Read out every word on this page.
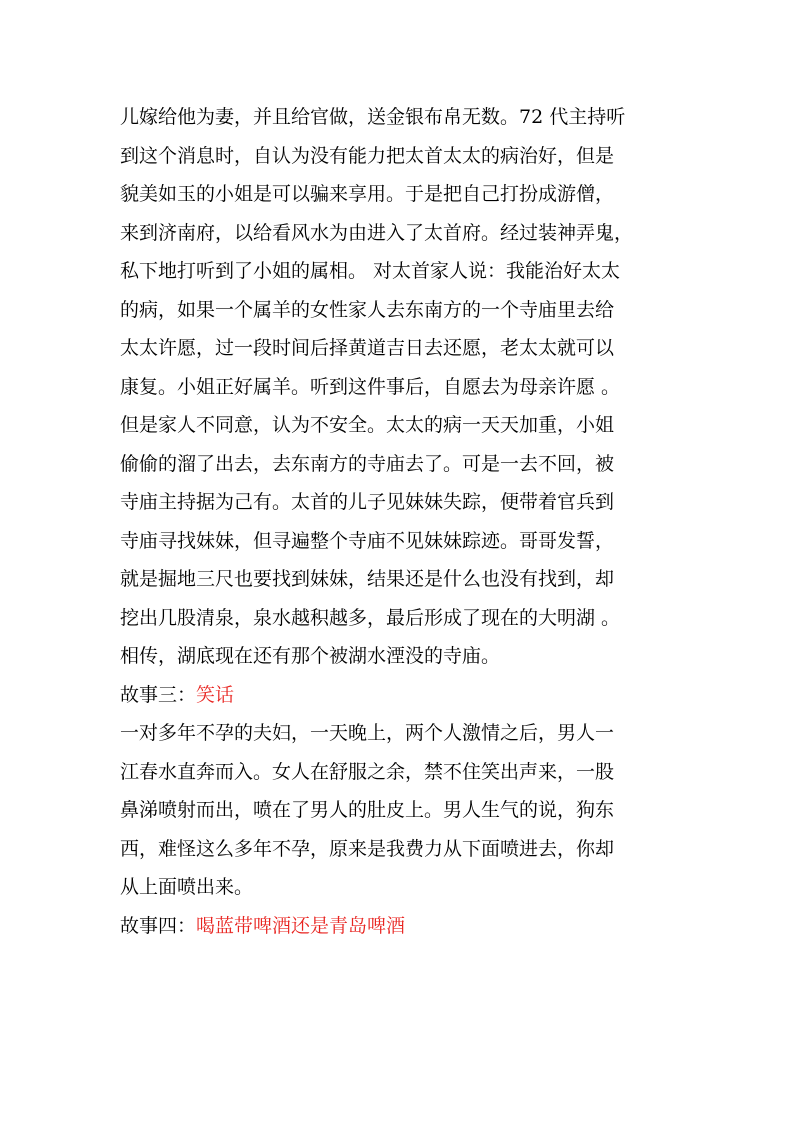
儿嫁给他为妻，并且给官做，送金银布帛无数。72 代主持听
到这个消息时，自认为没有能力把太首太太的病治好，但是
貌美如玉的小姐是可以骗来享用。于是把自己打扮成游僧，
来到济南府，以给看风水为由进入了太首府。经过装神弄鬼，
私下地打听到了小姐的属相。 对太首家人说：我能治好太太
的病，如果一个属羊的女性家人去东南方的一个寺庙里去给
太太许愿，过一段时间后择黄道吉日去还愿，老太太就可以
康复。小姐正好属羊。听到这件事后，自愿去为母亲许愿 。
但是家人不同意，认为不安全。太太的病一天天加重，小姐
偷偷的溜了出去，去东南方的寺庙去了。可是一去不回，被
寺庙主持据为己有。太首的儿子见妹妹失踪，便带着官兵到
寺庙寻找妹妹，但寻遍整个寺庙不见妹妹踪迹。哥哥发誓，
就是掘地三尺也要找到妹妹，结果还是什么也没有找到，却
挖出几股清泉，泉水越积越多，最后形成了现在的大明湖 。
相传，湖底现在还有那个被湖水湮没的寺庙。
故事三：笑话
一对多年不孕的夫妇，一天晚上，两个人激情之后，男人一
江春水直奔而入。女人在舒服之余，禁不住笑出声来，一股
鼻涕喷射而出，喷在了男人的肚皮上。男人生气的说，狗东
西，难怪这么多年不孕，原来是我费力从下面喷进去，你却
从上面喷出来。
故事四：喝蓝带啤酒还是青岛啤酒
